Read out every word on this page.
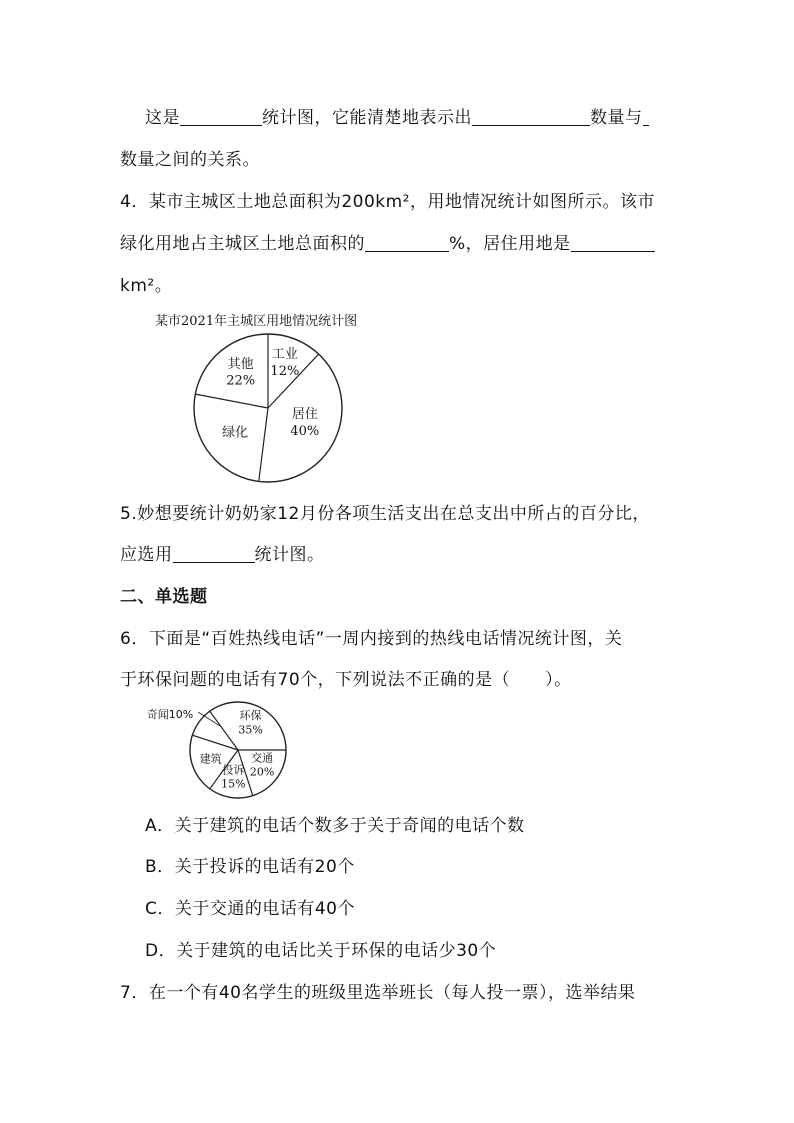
这是	统计图，它能清楚地表示出	数量与
数量之间的关系。
4．某市主城区土地总面积为200km²，用地情况统计如图所示。该市
绿化用地占主城区土地总面积的	%，居住用地是
km²。
某市2021年主城区用地情况统计图
工业
12%
居住
40%
绿化
其他
22%
5.妙想要统计奶奶家12月份各项生活支出在总支出中所占的百分比，
应选用	统计图。
二、单选题
6．下面是“百姓热线电话”一周内接到的热线电话情况统计图，关
于环保问题的电话有70个，下列说法不正确的是（　　）。
环保
35%
交通
20%
投诉
15%
建筑
奇闻10%
A．关于建筑的电话个数多于关于奇闻的电话个数
B．关于投诉的电话有20个
C．关于交通的电话有40个
D．关于建筑的电话比关于环保的电话少30个
7．在一个有40名学生的班级里选举班长（每人投一票），选举结果
